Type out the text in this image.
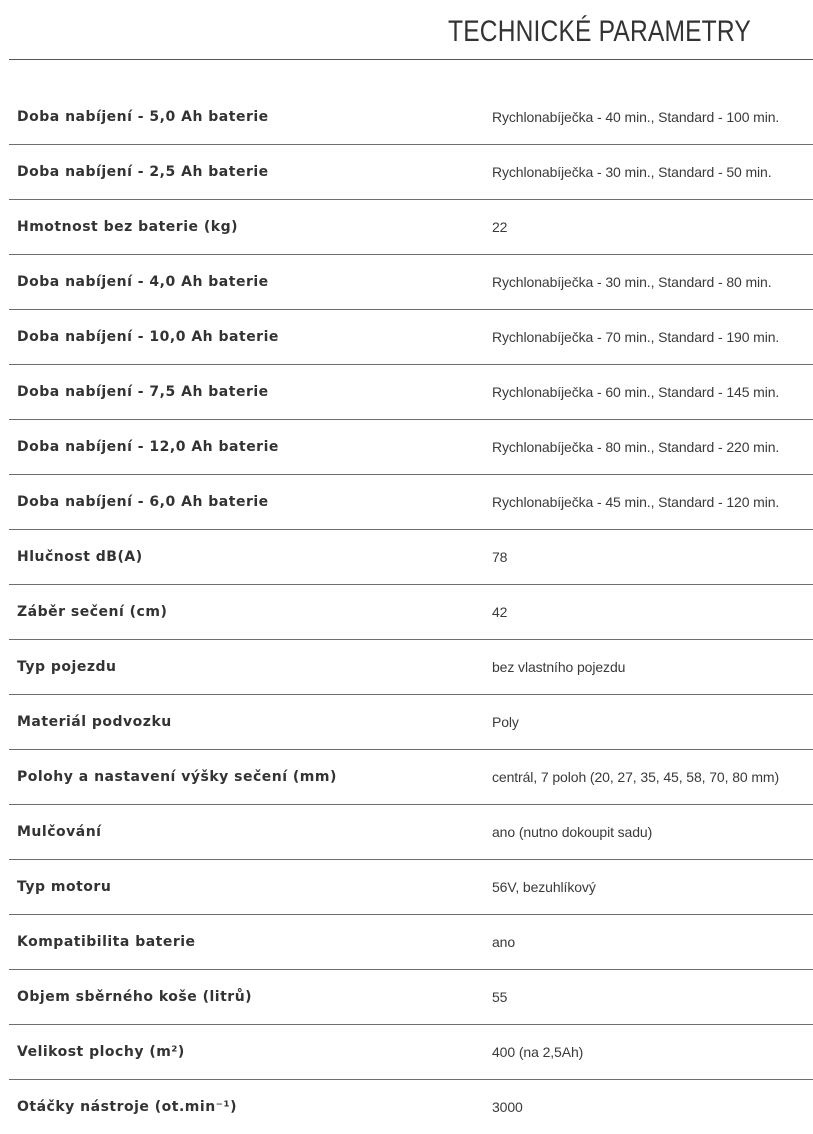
TECHNICKÉ PARAMETRY
Doba nabíjení - 5,0 Ah baterie	Rychlonabíječka - 40 min., Standard - 100 min.
Doba nabíjení - 2,5 Ah baterie	Rychlonabíječka - 30 min., Standard - 50 min.
Hmotnost bez baterie (kg)	22
Doba nabíjení - 4,0 Ah baterie	Rychlonabíječka - 30 min., Standard - 80 min.
Doba nabíjení - 10,0 Ah baterie	Rychlonabíječka - 70 min., Standard - 190 min.
Doba nabíjení - 7,5 Ah baterie	Rychlonabíječka - 60 min., Standard - 145 min.
Doba nabíjení - 12,0 Ah baterie	Rychlonabíječka - 80 min., Standard - 220 min.
Doba nabíjení - 6,0 Ah baterie	Rychlonabíječka - 45 min., Standard - 120 min.
Hlučnost dB(A)	78
Záběr sečení (cm)	42
Typ pojezdu	bez vlastního pojezdu
Materiál podvozku	Poly
Polohy a nastavení výšky sečení (mm)	centrál, 7 poloh (20, 27, 35, 45, 58, 70, 80 mm)
Mulčování	ano (nutno dokoupit sadu)
Typ motoru	56V, bezuhlíkový
Kompatibilita baterie	ano
Objem sběrného koše (litrů)	55
Velikost plochy (m²)	400 (na 2,5Ah)
Otáčky nástroje (ot.min⁻¹)	3000
